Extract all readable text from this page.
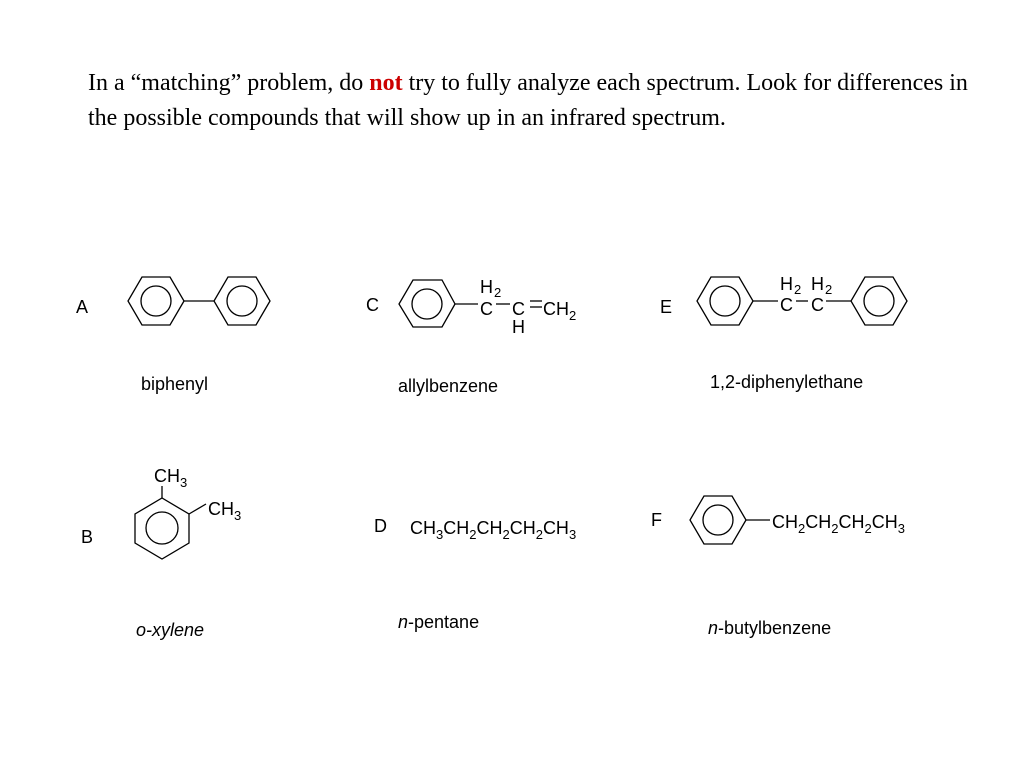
In a “matching” problem, do not try to fully analyze each spectrum. Look for differences in the possible compounds that will show up in an infrared spectrum.
A
B
C
D
E
F
biphenyl
o-xylene
allylbenzene
n-pentane
1,2-diphenylethane
n-butylbenzene
H 2
C C
H
CH 2
H 2 H 2
C C
CH 3
CH 3
$CH_3CH_2CH_2CH_2CH_3$
$CH_2CH_2CH_2CH_3$
